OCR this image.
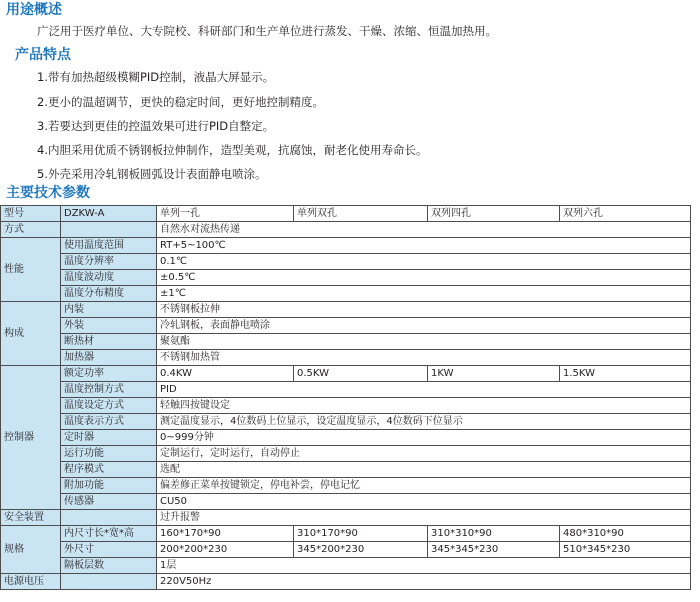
用途概述
广泛用于医疗单位、大专院校、科研部门和生产单位进行蒸发、干燥、浓缩、恒温加热用。
产品特点
1.带有加热超级模糊PID控制，液晶大屏显示。
2.更小的温超调节，更快的稳定时间，更好地控制精度。
3.若要达到更佳的控温效果可进行PID自整定。
4.内胆采用优质不锈钢板拉伸制作，造型美观，抗腐蚀，耐老化使用寿命长。
5.外壳采用冷轧钢板圆弧设计表面静电喷涂。
主要技术参数
型号	DZKW-A	单列一孔	单列双孔	双列四孔	双列六孔
方式		自然水对流热传递			
性能	使用温度范围	RT+5~100℃			
	温度分辨率	0.1℃			
	温度波动度	±0.5℃			
	温度分布精度	±1℃			
构成	内装	不锈钢板拉伸			
	外装	冷轧钢板，表面静电喷涂			
	断热材	聚氨酯			
	加热器	不锈钢加热管			
控制器	额定功率	0.4KW	0.5KW	1KW	1.5KW
	温度控制方式	PID			
	温度设定方式	轻触四按键设定			
	温度表示方式	测定温度显示，4位数码上位显示，设定温度显示，4位数码下位显示			
	定时器	0~999分钟			
	运行功能	定制运行，定时运行，自动停止			
	程序模式	选配			
	附加功能	偏差修正菜单按键锁定，停电补尝，停电记忆			
	传感器	CU50			
安全装置		过升报警			
规格	内尺寸长*宽*高	160*170*90	310*170*90	310*310*90	480*310*90
	外尺寸	200*200*230	345*200*230	345*345*230	510*345*230
	隔板层数	1层			
电源电压		220V50Hz			
